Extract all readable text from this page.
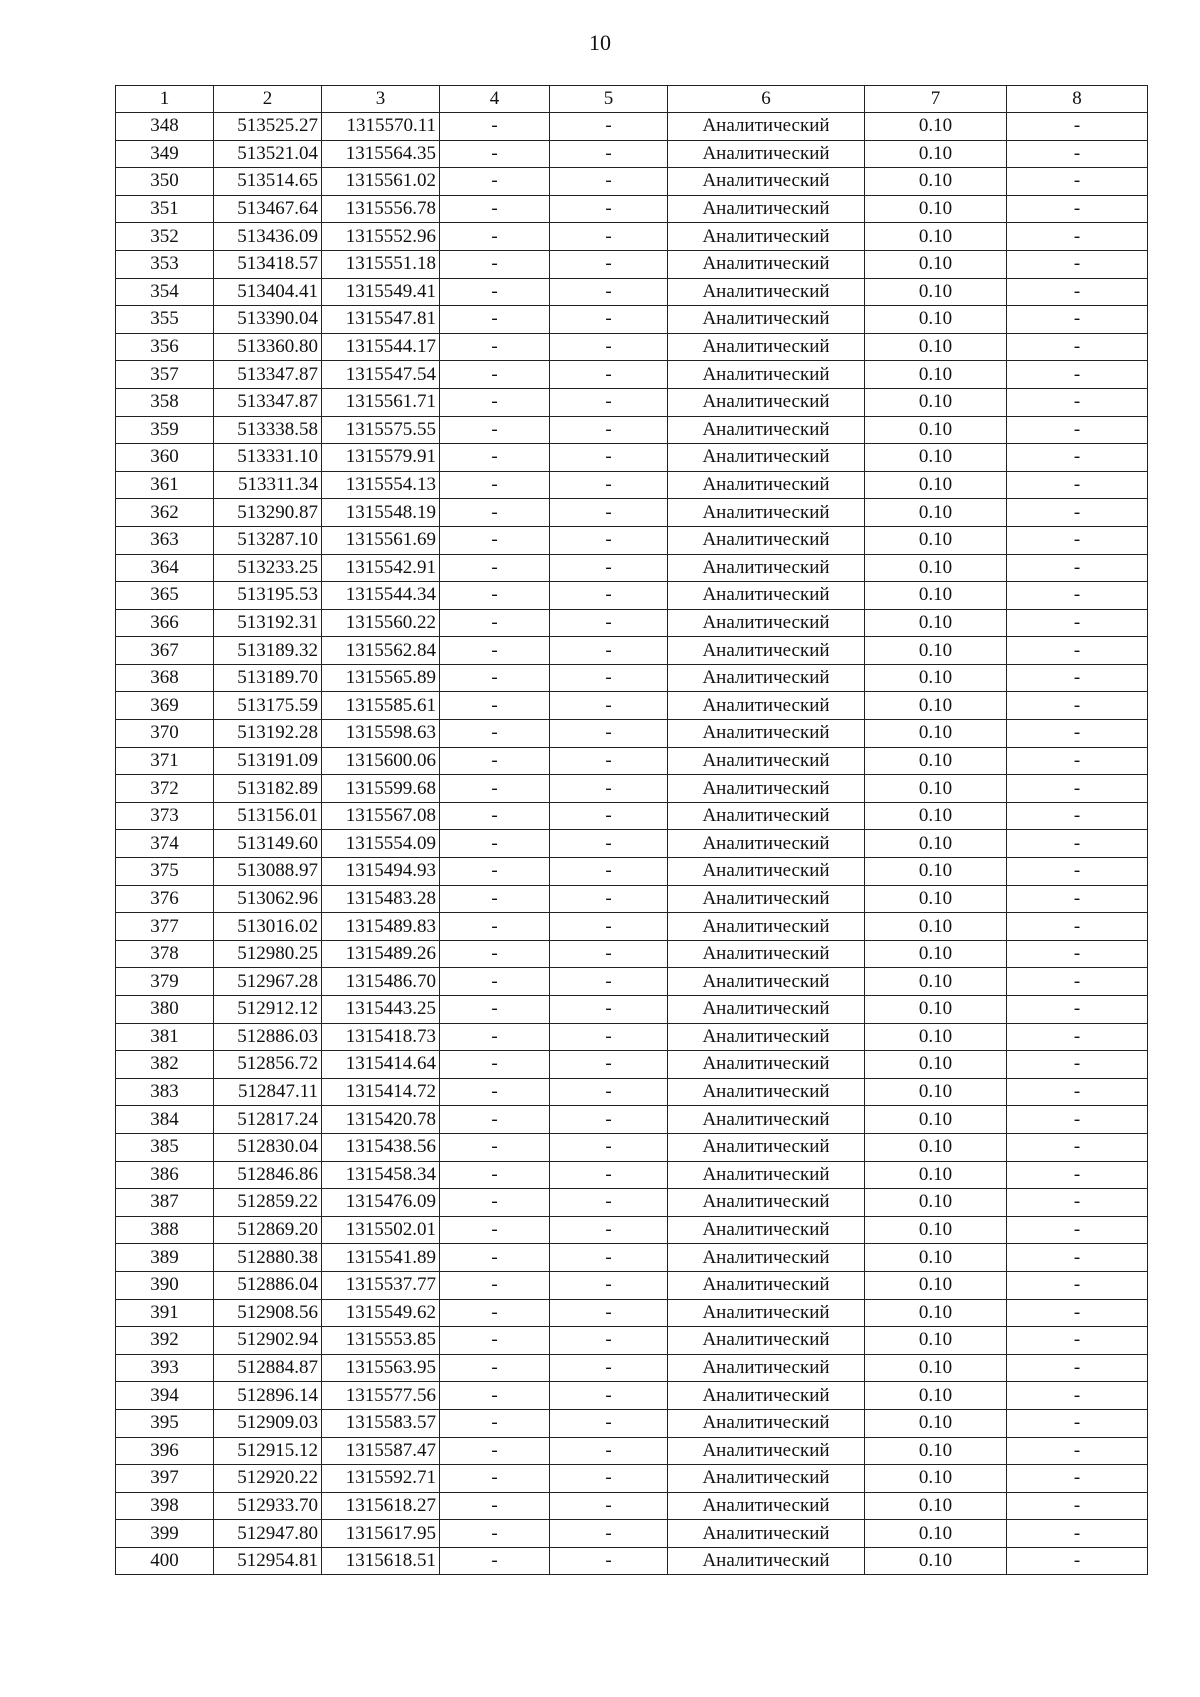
10
1	2	3	4	5	6	7	8
348	513525.27	1315570.11	-	-	Аналитический	0.10	-
349	513521.04	1315564.35	-	-	Аналитический	0.10	-
350	513514.65	1315561.02	-	-	Аналитический	0.10	-
351	513467.64	1315556.78	-	-	Аналитический	0.10	-
352	513436.09	1315552.96	-	-	Аналитический	0.10	-
353	513418.57	1315551.18	-	-	Аналитический	0.10	-
354	513404.41	1315549.41	-	-	Аналитический	0.10	-
355	513390.04	1315547.81	-	-	Аналитический	0.10	-
356	513360.80	1315544.17	-	-	Аналитический	0.10	-
357	513347.87	1315547.54	-	-	Аналитический	0.10	-
358	513347.87	1315561.71	-	-	Аналитический	0.10	-
359	513338.58	1315575.55	-	-	Аналитический	0.10	-
360	513331.10	1315579.91	-	-	Аналитический	0.10	-
361	513311.34	1315554.13	-	-	Аналитический	0.10	-
362	513290.87	1315548.19	-	-	Аналитический	0.10	-
363	513287.10	1315561.69	-	-	Аналитический	0.10	-
364	513233.25	1315542.91	-	-	Аналитический	0.10	-
365	513195.53	1315544.34	-	-	Аналитический	0.10	-
366	513192.31	1315560.22	-	-	Аналитический	0.10	-
367	513189.32	1315562.84	-	-	Аналитический	0.10	-
368	513189.70	1315565.89	-	-	Аналитический	0.10	-
369	513175.59	1315585.61	-	-	Аналитический	0.10	-
370	513192.28	1315598.63	-	-	Аналитический	0.10	-
371	513191.09	1315600.06	-	-	Аналитический	0.10	-
372	513182.89	1315599.68	-	-	Аналитический	0.10	-
373	513156.01	1315567.08	-	-	Аналитический	0.10	-
374	513149.60	1315554.09	-	-	Аналитический	0.10	-
375	513088.97	1315494.93	-	-	Аналитический	0.10	-
376	513062.96	1315483.28	-	-	Аналитический	0.10	-
377	513016.02	1315489.83	-	-	Аналитический	0.10	-
378	512980.25	1315489.26	-	-	Аналитический	0.10	-
379	512967.28	1315486.70	-	-	Аналитический	0.10	-
380	512912.12	1315443.25	-	-	Аналитический	0.10	-
381	512886.03	1315418.73	-	-	Аналитический	0.10	-
382	512856.72	1315414.64	-	-	Аналитический	0.10	-
383	512847.11	1315414.72	-	-	Аналитический	0.10	-
384	512817.24	1315420.78	-	-	Аналитический	0.10	-
385	512830.04	1315438.56	-	-	Аналитический	0.10	-
386	512846.86	1315458.34	-	-	Аналитический	0.10	-
387	512859.22	1315476.09	-	-	Аналитический	0.10	-
388	512869.20	1315502.01	-	-	Аналитический	0.10	-
389	512880.38	1315541.89	-	-	Аналитический	0.10	-
390	512886.04	1315537.77	-	-	Аналитический	0.10	-
391	512908.56	1315549.62	-	-	Аналитический	0.10	-
392	512902.94	1315553.85	-	-	Аналитический	0.10	-
393	512884.87	1315563.95	-	-	Аналитический	0.10	-
394	512896.14	1315577.56	-	-	Аналитический	0.10	-
395	512909.03	1315583.57	-	-	Аналитический	0.10	-
396	512915.12	1315587.47	-	-	Аналитический	0.10	-
397	512920.22	1315592.71	-	-	Аналитический	0.10	-
398	512933.70	1315618.27	-	-	Аналитический	0.10	-
399	512947.80	1315617.95	-	-	Аналитический	0.10	-
400	512954.81	1315618.51	-	-	Аналитический	0.10	-
